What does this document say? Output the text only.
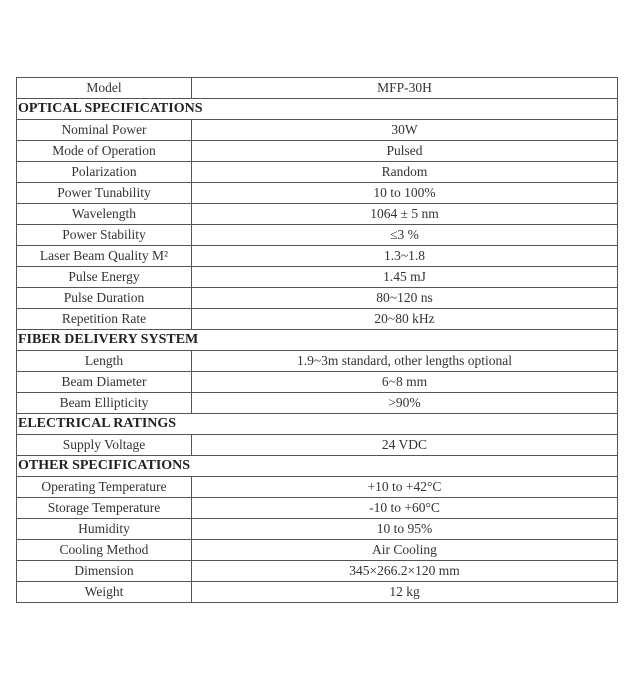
Model	MFP-30H
OPTICAL SPECIFICATIONS	
Nominal Power	30W
Mode of Operation	Pulsed
Polarization	Random
Power Tunability	10 to 100%
Wavelength	1064 ± 5 nm
Power Stability	≤3 %
Laser Beam Quality M²	1.3~1.8
Pulse Energy	1.45 mJ
Pulse Duration	80~120 ns
Repetition Rate	20~80 kHz
FIBER DELIVERY SYSTEM	
Length	1.9~3m standard, other lengths optional
Beam Diameter	6~8 mm
Beam Ellipticity	>90%
ELECTRICAL RATINGS	
Supply Voltage	24 VDC
OTHER SPECIFICATIONS	
Operating Temperature	+10 to +42°C
Storage Temperature	-10 to +60°C
Humidity	10 to 95%
Cooling Method	Air Cooling
Dimension	345×266.2×120 mm
Weight	12 kg
